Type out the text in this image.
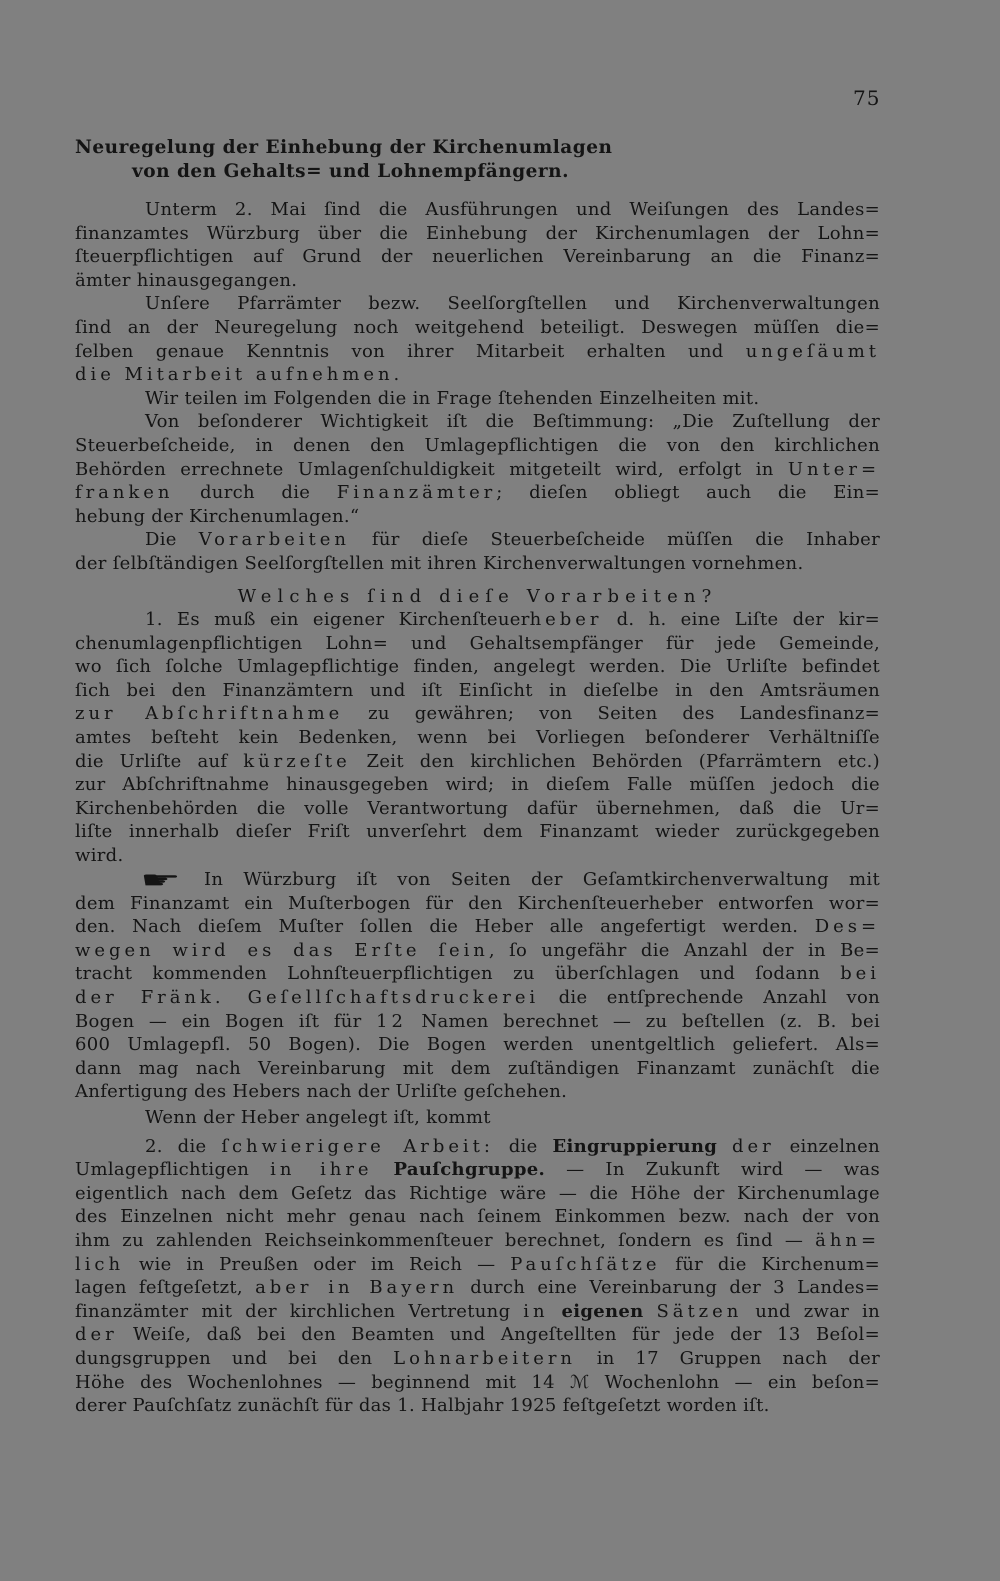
75
Neuregelung der Einhebung der Kirchenumlagen
von den Gehalts= und Lohnempfängern.
Unterm 2. Mai ſind die Ausführungen und Weiſungen des Landes=
finanzamtes Würzburg über die Einhebung der Kirchenumlagen der Lohn=
ſteuerpflichtigen auf Grund der neuerlichen Vereinbarung an die Finanz=
ämter hinausgegangen.
Unſere Pfarrämter bezw. Seelſorgſtellen und Kirchenverwaltungen
ſind an der Neuregelung noch weitgehend beteiligt. Deswegen müſſen die=
ſelben genaue Kenntnis von ihrer Mitarbeit erhalten und ungeſäumt
die Mitarbeit aufnehmen.
Wir teilen im Folgenden die in Frage ſtehenden Einzelheiten mit.
Von beſonderer Wichtigkeit iſt die Beſtimmung: „Die Zuſtellung der
Steuerbeſcheide, in denen den Umlagepflichtigen die von den kirchlichen
Behörden errechnete Umlagenſchuldigkeit mitgeteilt wird, erfolgt in Unter=
franken durch die Finanzämter; dieſen obliegt auch die Ein=
hebung der Kirchenumlagen.“
Die Vorarbeiten für dieſe Steuerbeſcheide müſſen die Inhaber
der ſelbſtändigen Seelſorgſtellen mit ihren Kirchenverwaltungen vornehmen.
Welches ſind dieſe Vorarbeiten?
1. Es muß ein eigener Kirchenſteuerheber d. h. eine Liſte der kir=
chenumlagenpflichtigen Lohn= und Gehaltsempfänger für jede Gemeinde,
wo ſich ſolche Umlagepflichtige finden, angelegt werden. Die Urliſte befindet
ſich bei den Finanzämtern und iſt Einſicht in dieſelbe in den Amtsräumen
zur Abſchriftnahme zu gewähren; von Seiten des Landesfinanz=
amtes beſteht kein Bedenken, wenn bei Vorliegen beſonderer Verhältniſſe
die Urliſte auf kürzeſte Zeit den kirchlichen Behörden (Pfarrämtern etc.)
zur Abſchriftnahme hinausgegeben wird; in dieſem Falle müſſen jedoch die
Kirchenbehörden die volle Verantwortung dafür übernehmen, daß die Ur=
liſte innerhalb dieſer Friſt unverſehrt dem Finanzamt wieder zurückgegeben
wird.
☛ In Würzburg iſt von Seiten der Geſamtkirchenverwaltung mit
dem Finanzamt ein Muſterbogen für den Kirchenſteuerheber entworfen wor=
den. Nach dieſem Muſter ſollen die Heber alle angefertigt werden. Des=
wegen wird es das Erſte ſein, ſo ungefähr die Anzahl der in Be=
tracht kommenden Lohnſteuerpflichtigen zu überſchlagen und ſodann bei
der Fränk. Geſellſchaftsdruckerei die entſprechende Anzahl von
Bogen — ein Bogen iſt für 12 Namen berechnet — zu beſtellen (z. B. bei
600 Umlagepfl. 50 Bogen). Die Bogen werden unentgeltlich geliefert. Als=
dann mag nach Vereinbarung mit dem zuſtändigen Finanzamt zunächſt die
Anfertigung des Hebers nach der Urliſte geſchehen.
Wenn der Heber angelegt iſt, kommt
2. die ſchwierigere Arbeit: die Eingruppierung der einzelnen
Umlagepflichtigen in ihre Pauſchgruppe. — In Zukunft wird — was
eigentlich nach dem Geſetz das Richtige wäre — die Höhe der Kirchenumlage
des Einzelnen nicht mehr genau nach ſeinem Einkommen bezw. nach der von
ihm zu zahlenden Reichseinkommenſteuer berechnet, ſondern es ſind — ähn=
lich wie in Preußen oder im Reich — Pauſchſätze für die Kirchenum=
lagen feſtgeſetzt, aber in Bayern durch eine Vereinbarung der 3 Landes=
finanzämter mit der kirchlichen Vertretung in eigenen Sätzen und zwar in
der Weiſe, daß bei den Beamten und Angeſtellten für jede der 13 Beſol=
dungsgruppen und bei den Lohnarbeitern in 17 Gruppen nach der
Höhe des Wochenlohnes — beginnend mit 14 ℳ Wochenlohn — ein beſon=
derer Pauſchſatz zunächſt für das 1. Halbjahr 1925 feſtgeſetzt worden iſt.
